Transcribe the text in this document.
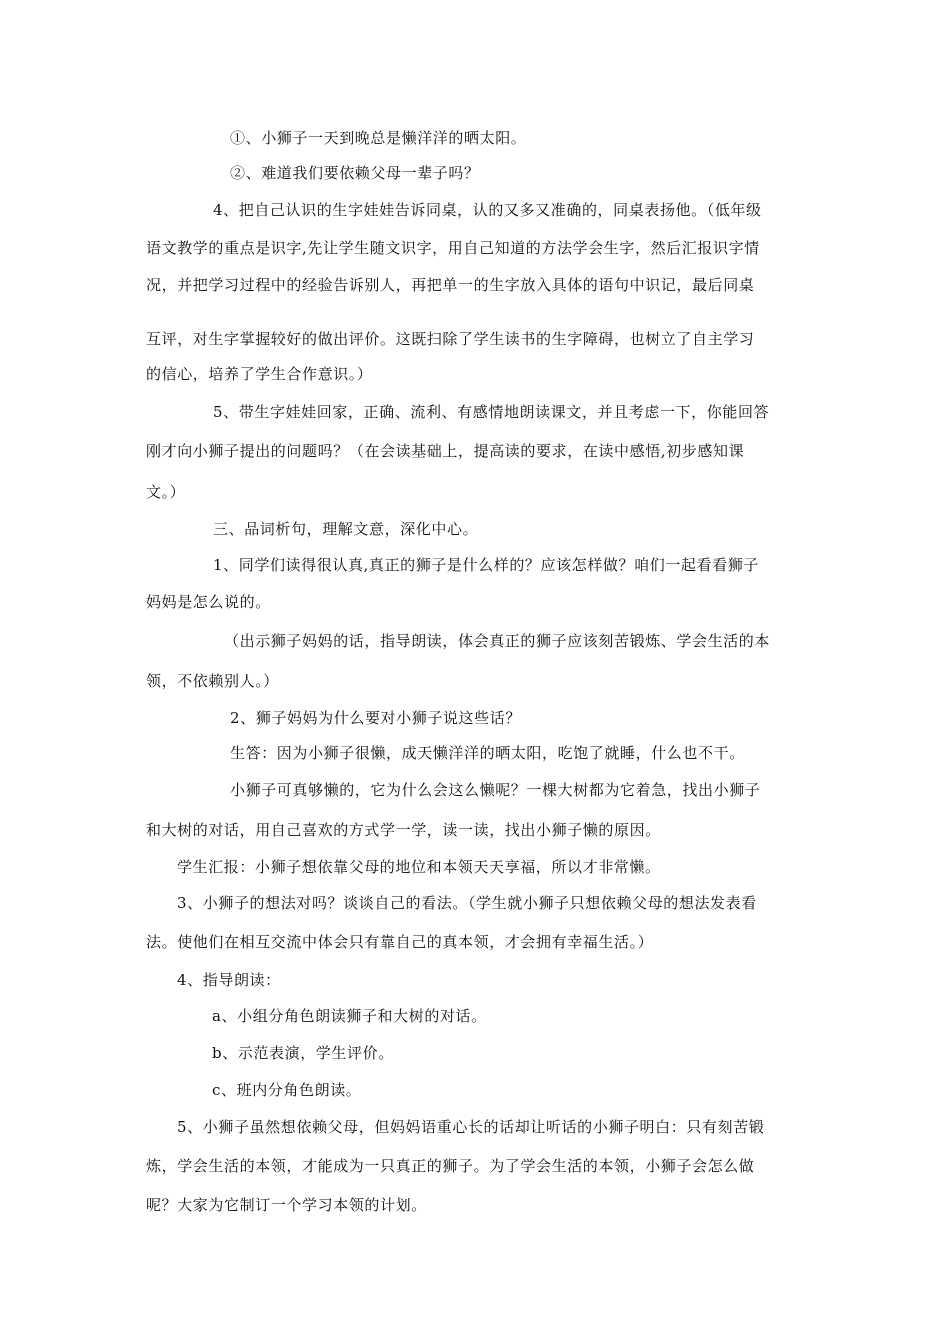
①、小狮子一天到晚总是懒洋洋的晒太阳。
②、难道我们要依赖父母一辈子吗？
4、把自己认识的生字娃娃告诉同桌，认的又多又准确的，同桌表扬他。（低年级
语文教学的重点是识字,先让学生随文识字，用自己知道的方法学会生字，然后汇报识字情
况，并把学习过程中的经验告诉别人，再把单一的生字放入具体的语句中识记，最后同桌
互评，对生字掌握较好的做出评价。这既扫除了学生读书的生字障碍，也树立了自主学习
的信心，培养了学生合作意识。）
5、带生字娃娃回家，正确、流利、有感情地朗读课文，并且考虑一下，你能回答
刚才向小狮子提出的问题吗？（在会读基础上，提高读的要求，在读中感悟,初步感知课
文。）
三、品词析句，理解文意，深化中心。
1、同学们读得很认真,真正的狮子是什么样的？应该怎样做？咱们一起看看狮子
妈妈是怎么说的。
（出示狮子妈妈的话，指导朗读，体会真正的狮子应该刻苦锻炼、学会生活的本
领，不依赖别人。）
2、狮子妈妈为什么要对小狮子说这些话？
生答：因为小狮子很懒，成天懒洋洋的晒太阳，吃饱了就睡，什么也不干。
小狮子可真够懒的，它为什么会这么懒呢？一棵大树都为它着急，找出小狮子
和大树的对话，用自己喜欢的方式学一学，读一读，找出小狮子懒的原因。
学生汇报：小狮子想依靠父母的地位和本领天天享福，所以才非常懒。
3、小狮子的想法对吗？谈谈自己的看法。（学生就小狮子只想依赖父母的想法发表看
法。使他们在相互交流中体会只有靠自己的真本领，才会拥有幸福生活。）
4、指导朗读：
a、小组分角色朗读狮子和大树的对话。
b、示范表演，学生评价。
c、班内分角色朗读。
5、小狮子虽然想依赖父母，但妈妈语重心长的话却让听话的小狮子明白：只有刻苦锻
炼，学会生活的本领，才能成为一只真正的狮子。为了学会生活的本领，小狮子会怎么做
呢？大家为它制订一个学习本领的计划。
